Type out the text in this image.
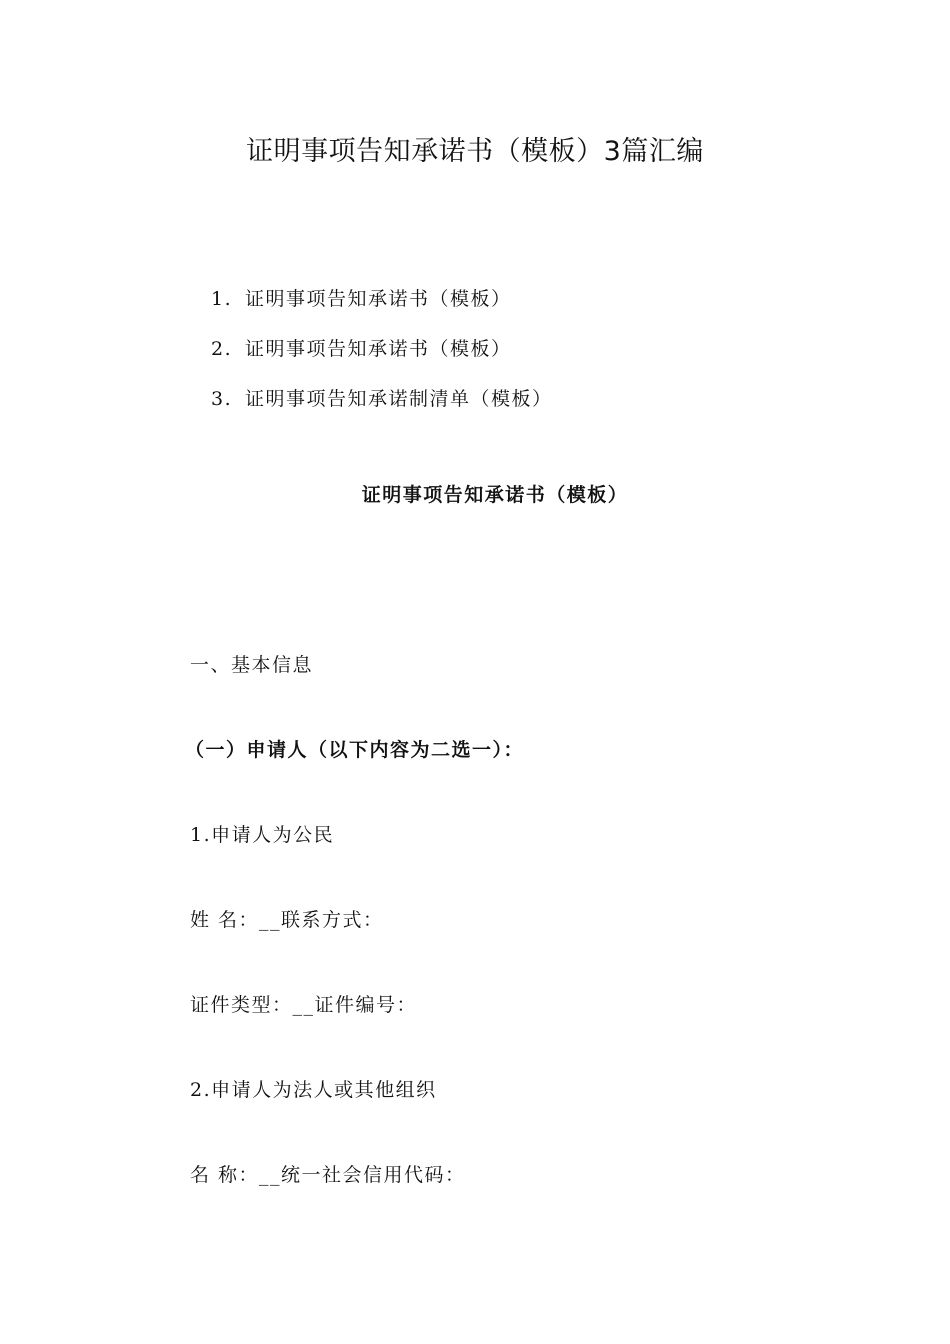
证明事项告知承诺书（模板）3篇汇编
1. 证明事项告知承诺书（模板）
2. 证明事项告知承诺书（模板）
3. 证明事项告知承诺制清单（模板）
证明事项告知承诺书（模板）
一、基本信息
（一）申请人（以下内容为二选一）：
1.申请人为公民
姓 名：__联系方式：
证件类型：__证件编号：
2.申请人为法人或其他组织
名 称：__统一社会信用代码：
